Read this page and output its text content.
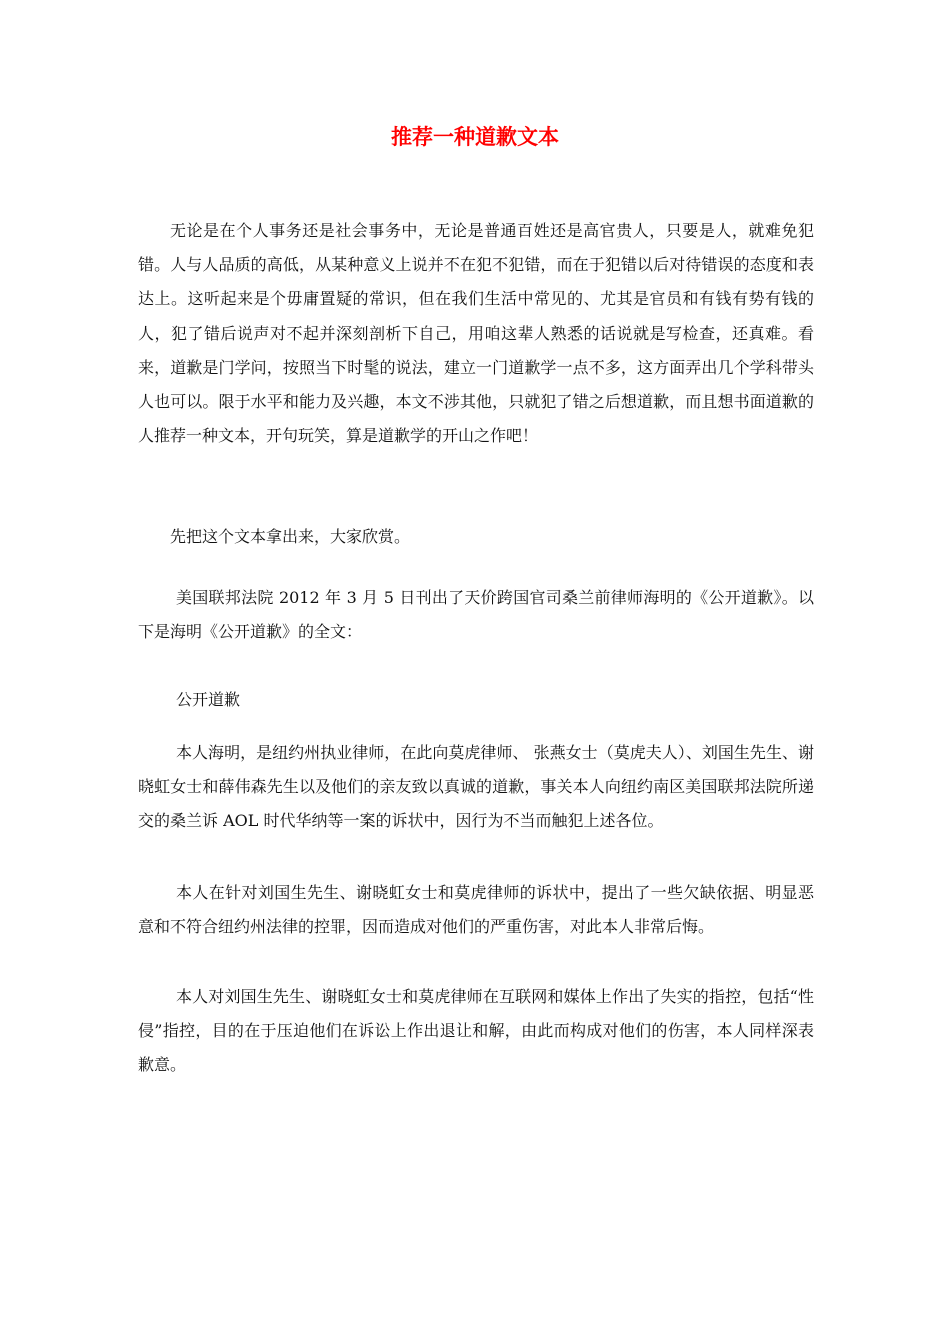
推荐一种道歉文本

无论是在个人事务还是社会事务中，无论是普通百姓还是高官贵人，只要是人，就难免犯错。人与人品质的高低，从某种意义上说并不在犯不犯错，而在于犯错以后对待错误的态度和表达上。这听起来是个毋庸置疑的常识，但在我们生活中常见的、尤其是官员和有钱有势有钱的人，犯了错后说声对不起并深刻剖析下自己，用咱这辈人熟悉的话说就是写检查，还真难。看来，道歉是门学问，按照当下时髦的说法，建立一门道歉学一点不多，这方面弄出几个学科带头人也可以。限于水平和能力及兴趣，本文不涉其他，只就犯了错之后想道歉，而且想书面道歉的人推荐一种文本，开句玩笑，算是道歉学的开山之作吧！

先把这个文本拿出来，大家欣赏。

美国联邦法院 2012 年 3 月 5 日刊出了天价跨国官司桑兰前律师海明的《公开道歉》。以下是海明《公开道歉》的全文：

公开道歉

本人海明，是纽约州执业律师，在此向莫虎律师、 张燕女士（莫虎夫人）、刘国生先生、谢晓虹女士和薛伟森先生以及他们的亲友致以真诚的道歉，事关本人向纽约南区美国联邦法院所递交的桑兰诉 AOL 时代华纳等一案的诉状中，因行为不当而触犯上述各位。

本人在针对刘国生先生、谢晓虹女士和莫虎律师的诉状中，提出了一些欠缺依据、明显恶意和不符合纽约州法律的控罪，因而造成对他们的严重伤害，对此本人非常后悔。

本人对刘国生先生、谢晓虹女士和莫虎律师在互联网和媒体上作出了失实的指控，包括“性侵”指控，目的在于压迫他们在诉讼上作出退让和解，由此而构成对他们的伤害，本人同样深表歉意。
